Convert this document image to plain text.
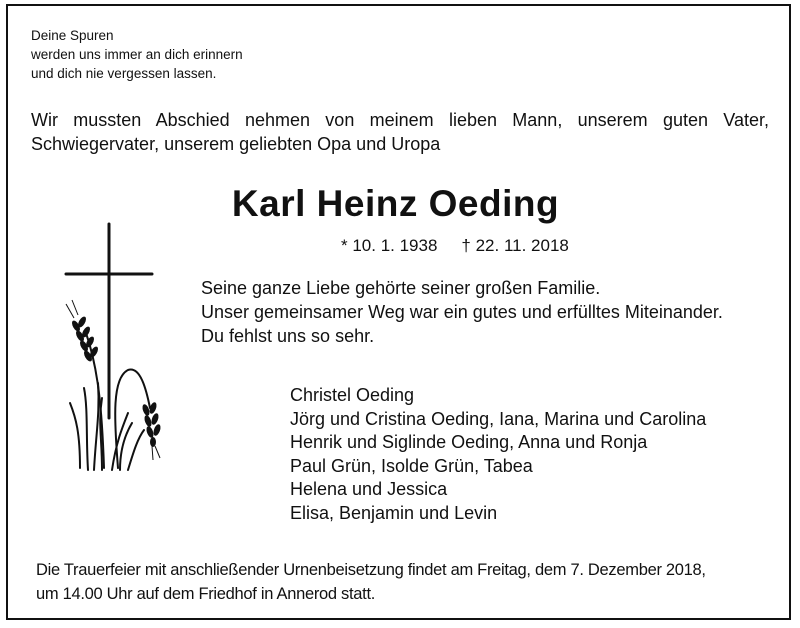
Deine Spuren
werden uns immer an dich erinnern
und dich nie vergessen lassen.
Wir mussten Abschied nehmen von meinem lieben Mann, unserem guten Vater,
Schwiegervater, unserem geliebten Opa und Uropa
Karl Heinz Oeding
* 10. 1. 1938 † 22. 11. 2018
Seine ganze Liebe gehörte seiner großen Familie.
Unser gemeinsamer Weg war ein gutes und erfülltes Miteinander.
Du fehlst uns so sehr.
Christel Oeding
Jörg und Cristina Oeding, Iana, Marina und Carolina
Henrik und Siglinde Oeding, Anna und Ronja
Paul Grün, Isolde Grün, Tabea
Helena und Jessica
Elisa, Benjamin und Levin
Die Trauerfeier mit anschließender Urnenbeisetzung findet am Freitag, dem 7. Dezember 2018,
um 14.00 Uhr auf dem Friedhof in Annerod statt.
